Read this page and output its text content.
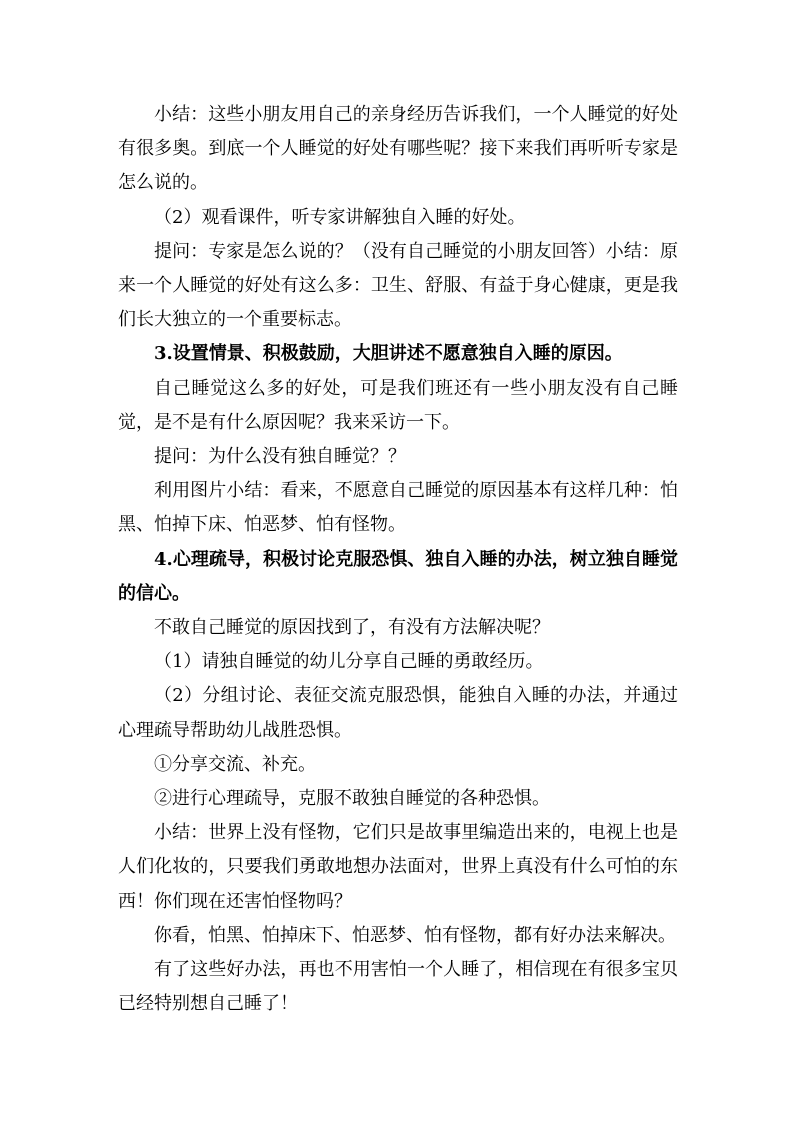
小结：这些小朋友用自己的亲身经历告诉我们，一个人睡觉的好处有很多奥。到底一个人睡觉的好处有哪些呢？接下来我们再听听专家是怎么说的。

（2）观看课件，听专家讲解独自入睡的好处。

提问：专家是怎么说的？（没有自己睡觉的小朋友回答）小结：原来一个人睡觉的好处有这么多：卫生、舒服、有益于身心健康，更是我们长大独立的一个重要标志。

3.设置情景、积极鼓励，大胆讲述不愿意独自入睡的原因。

自己睡觉这么多的好处，可是我们班还有一些小朋友没有自己睡觉，是不是有什么原因呢？我来采访一下。

提问：为什么没有独自睡觉？？

利用图片小结：看来，不愿意自己睡觉的原因基本有这样几种：怕黑、怕掉下床、怕恶梦、怕有怪物。

4.心理疏导，积极讨论克服恐惧、独自入睡的办法，树立独自睡觉的信心。

不敢自己睡觉的原因找到了，有没有方法解决呢？

（1）请独自睡觉的幼儿分享自己睡的勇敢经历。

（2）分组讨论、表征交流克服恐惧，能独自入睡的办法，并通过心理疏导帮助幼儿战胜恐惧。

①分享交流、补充。

②进行心理疏导，克服不敢独自睡觉的各种恐惧。

小结：世界上没有怪物，它们只是故事里编造出来的，电视上也是人们化妆的，只要我们勇敢地想办法面对，世界上真没有什么可怕的东西！你们现在还害怕怪物吗？

你看，怕黑、怕掉床下、怕恶梦、怕有怪物，都有好办法来解决。

有了这些好办法，再也不用害怕一个人睡了，相信现在有很多宝贝已经特别想自己睡了！
